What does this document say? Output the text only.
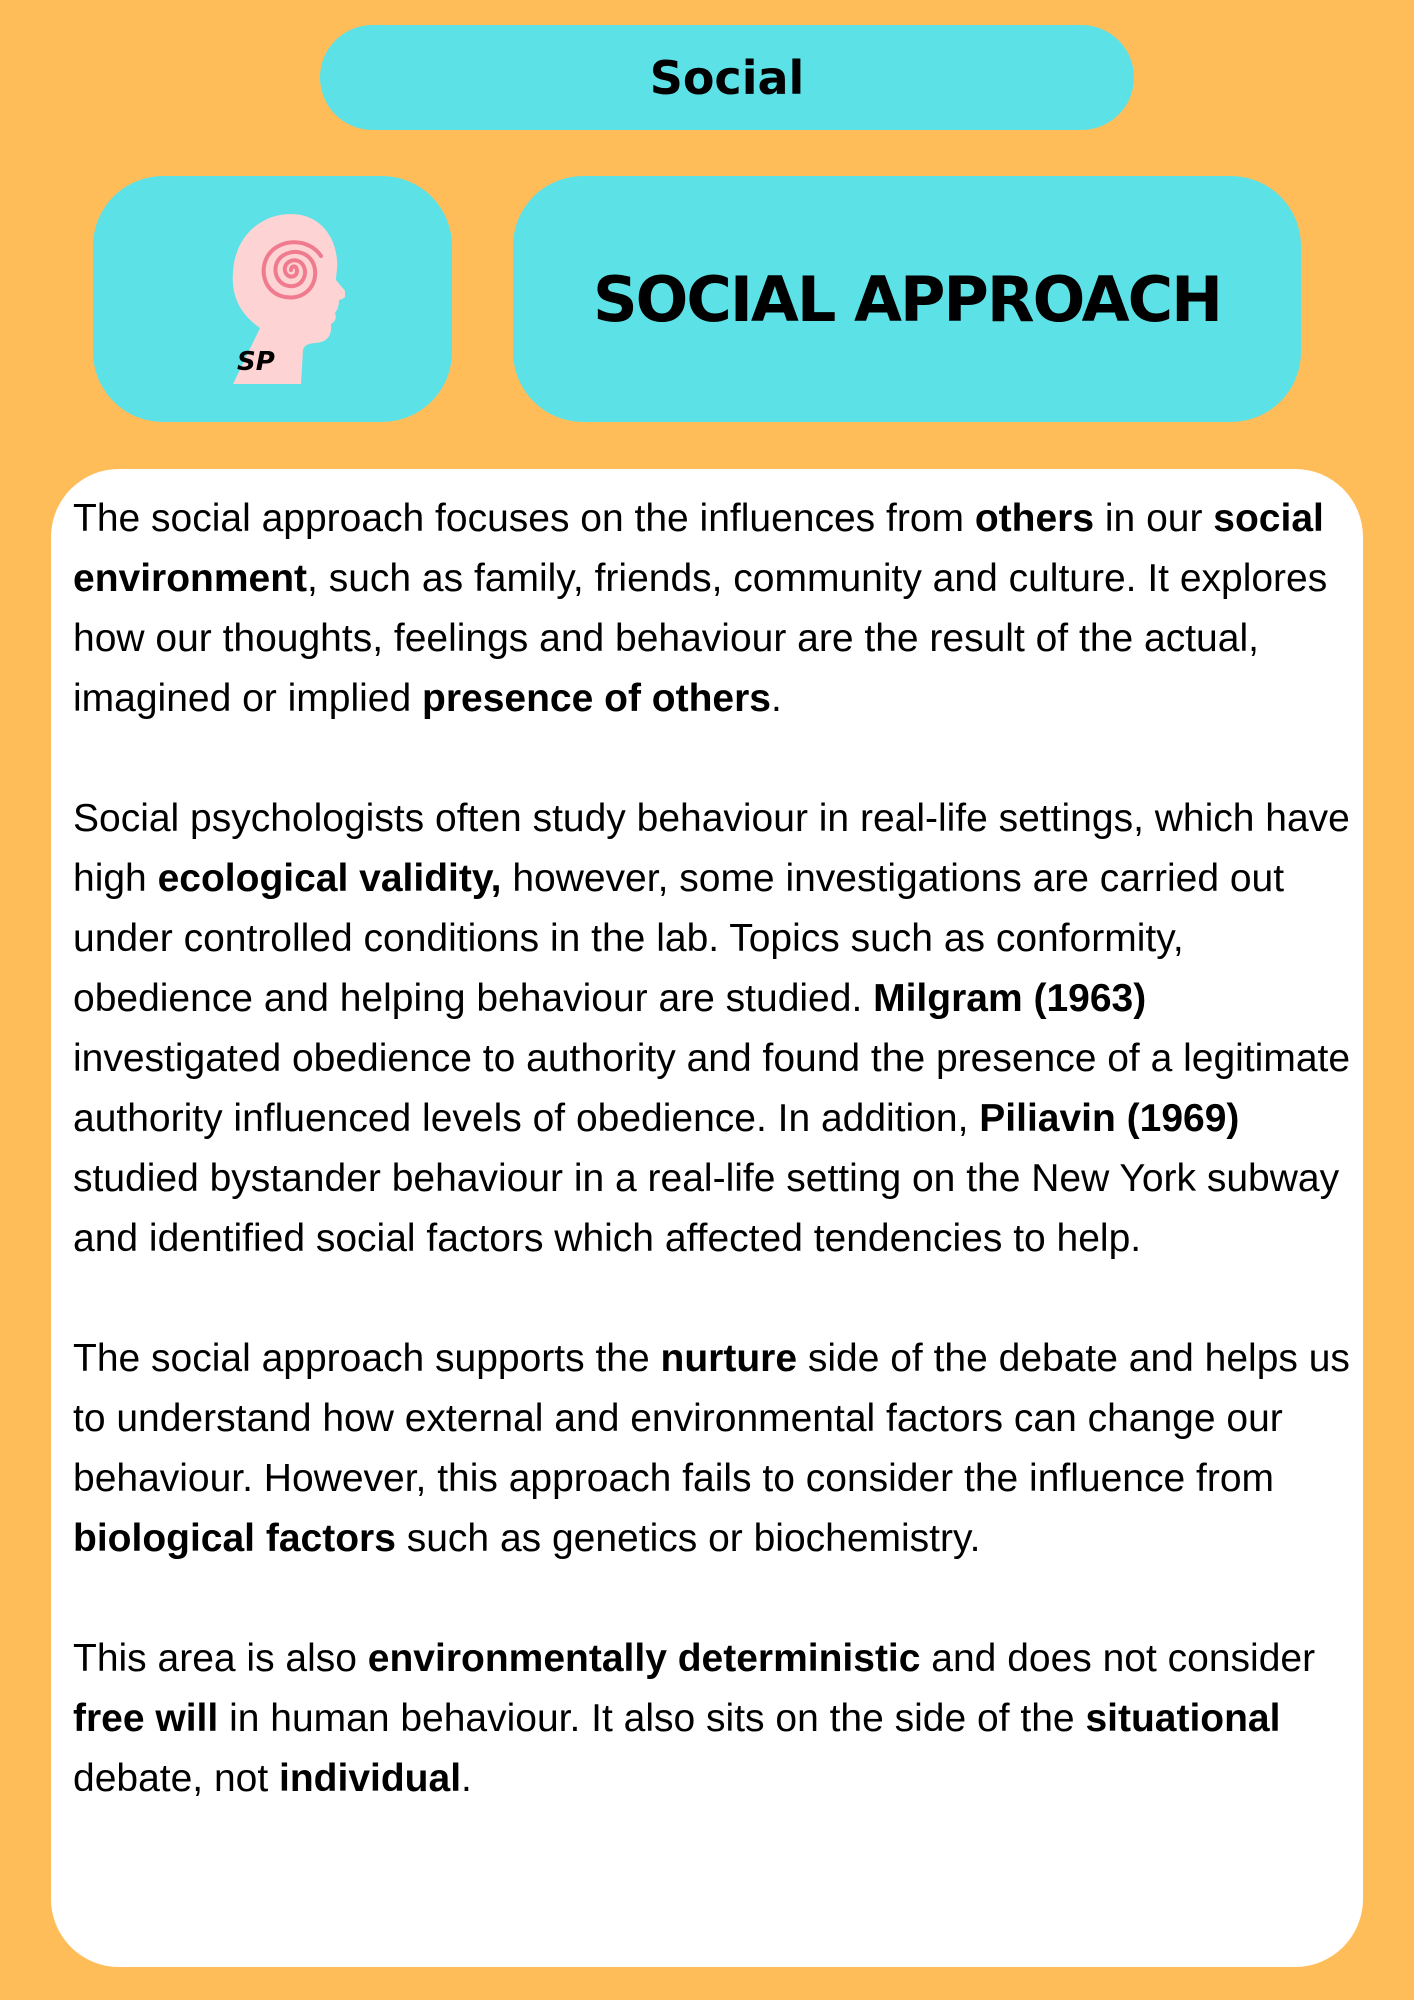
Social
SP
SOCIAL APPROACH

The social approach focuses on the influences from others in our social environment, such as family, friends, community and culture. It explores how our thoughts, feelings and behaviour are the result of the actual, imagined or implied presence of others.

Social psychologists often study behaviour in real-life settings, which have high ecological validity, however, some investigations are carried out under controlled conditions in the lab. Topics such as conformity, obedience and helping behaviour are studied. Milgram (1963) investigated obedience to authority and found the presence of a legitimate authority influenced levels of obedience. In addition, Piliavin (1969) studied bystander behaviour in a real-life setting on the New York subway and identified social factors which affected tendencies to help.

The social approach supports the nurture side of the debate and helps us to understand how external and environmental factors can change our behaviour. However, this approach fails to consider the influence from biological factors such as genetics or biochemistry.

This area is also environmentally deterministic and does not consider free will in human behaviour. It also sits on the side of the situational debate, not individual.
